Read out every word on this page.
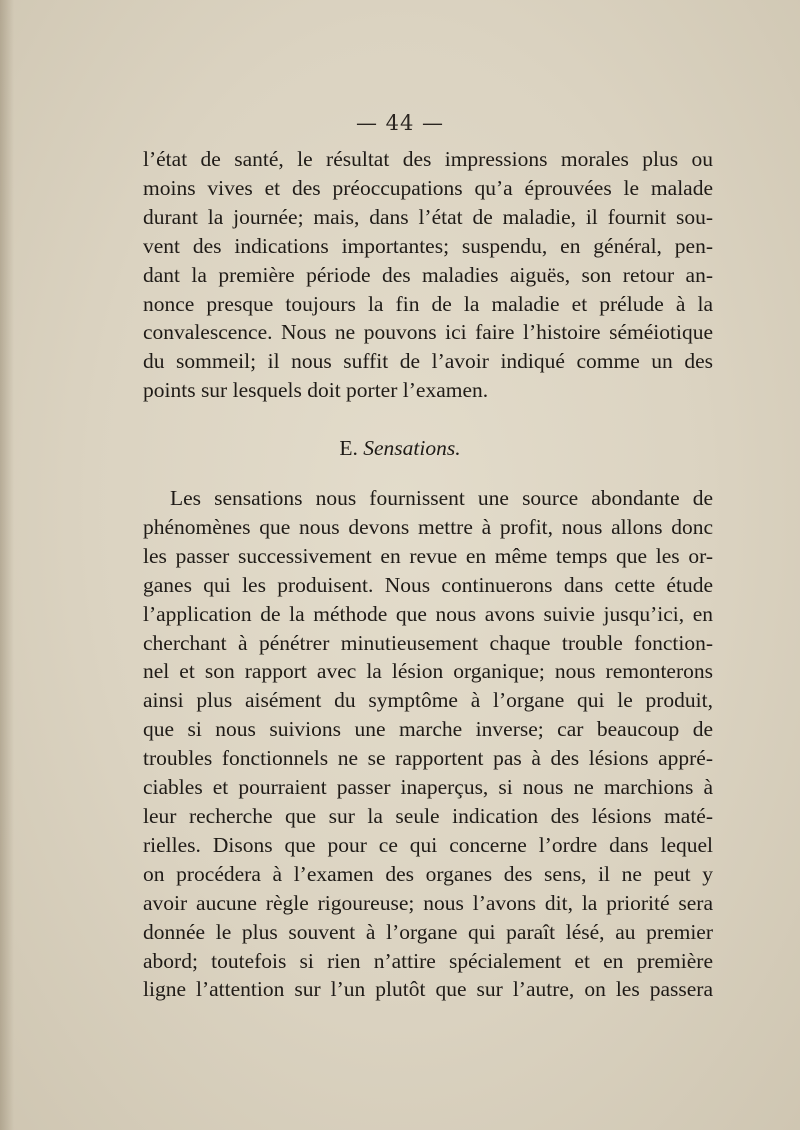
— 44 —
l’état de santé, le résultat des impressions morales plus ou
moins vives et des préoccupations qu’a éprouvées le malade
durant la journée; mais, dans l’état de maladie, il fournit sou-
vent des indications importantes; suspendu, en général, pen-
dant la première période des maladies aiguës, son retour an-
nonce presque toujours la fin de la maladie et prélude à la
convalescence. Nous ne pouvons ici faire l’histoire séméiotique
du sommeil; il nous suffit de l’avoir indiqué comme un des
points sur lesquels doit porter l’examen.
E. Sensations.
Les sensations nous fournissent une source abondante de
phénomènes que nous devons mettre à profit, nous allons donc
les passer successivement en revue en même temps que les or-
ganes qui les produisent. Nous continuerons dans cette étude
l’application de la méthode que nous avons suivie jusqu’ici, en
cherchant à pénétrer minutieusement chaque trouble fonction-
nel et son rapport avec la lésion organique; nous remonterons
ainsi plus aisément du symptôme à l’organe qui le produit,
que si nous suivions une marche inverse; car beaucoup de
troubles fonctionnels ne se rapportent pas à des lésions appré-
ciables et pourraient passer inaperçus, si nous ne marchions à
leur recherche que sur la seule indication des lésions maté-
rielles. Disons que pour ce qui concerne l’ordre dans lequel
on procédera à l’examen des organes des sens, il ne peut y
avoir aucune règle rigoureuse; nous l’avons dit, la priorité sera
donnée le plus souvent à l’organe qui paraît lésé, au premier
abord; toutefois si rien n’attire spécialement et en première
ligne l’attention sur l’un plutôt que sur l’autre, on les passera
